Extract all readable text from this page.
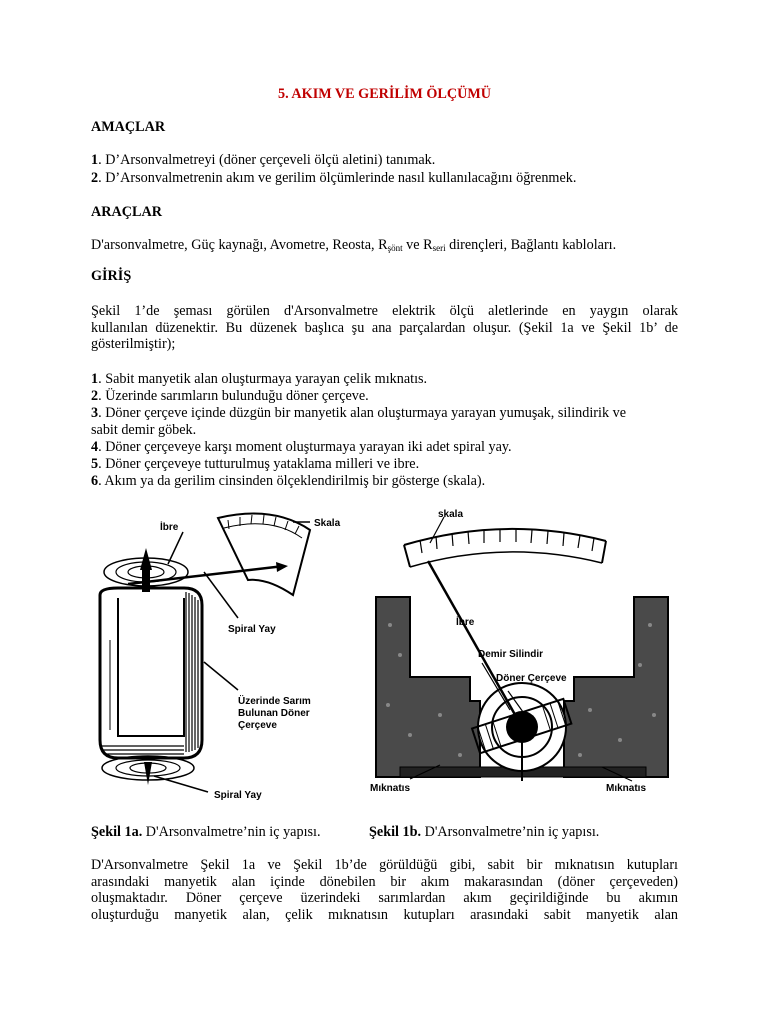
5. AKIM VE GERİLİM ÖLÇÜMÜ
AMAÇLAR
1. D’Arsonvalmetreyi (döner çerçeveli ölçü aletini) tanımak.
2. D’Arsonvalmetrenin akım ve gerilim ölçümlerinde nasıl kullanılacağını öğrenmek.
ARAÇLAR
D'arsonvalmetre, Güç kaynağı, Avometre, Reosta, $R_{şönt}$ ve $R_{seri}$ dirençleri, Bağlantı kabloları.
GİRİŞ
Şekil 1’de şeması görülen d'Arsonvalmetre elektrik ölçü aletlerinde en yaygın olarak
kullanılan düzenektir. Bu düzenek başlıca şu ana parçalardan oluşur. (Şekil 1a ve Şekil 1b’ de
gösterilmiştir);
1. Sabit manyetik alan oluşturmaya yarayan çelik mıknatıs.
2. Üzerinde sarımların bulunduğu döner çerçeve.
3. Döner çerçeve içinde düzgün bir manyetik alan oluşturmaya yarayan yumuşak, silindirik ve
sabit demir göbek.
4. Döner çerçeveye karşı moment oluşturmaya yarayan iki adet spiral yay.
5. Döner çerçeveye tutturulmuş yataklama milleri ve ibre.
6. Akım ya da gerilim cinsinden ölçeklendirilmiş bir gösterge (skala).
Şekil 1a. D'Arsonvalmetre’nin iç yapısı.	Şekil 1b. D'Arsonvalmetre’nin iç yapısı.
D'Arsonvalmetre Şekil 1a ve Şekil 1b’de görüldüğü gibi, sabit bir mıknatısın kutupları
arasındaki manyetik alan içinde dönebilen bir akım makarasından (döner çerçeveden)
oluşmaktadır. Döner çerçeve üzerindeki sarımlardan akım geçirildiğinde bu akımın
oluşturduğu manyetik alan, çelik mıknatısın kutupları arasındaki sabit manyetik alan
İbre	Skala
Spiral Yay
Üzerinde Sarım
Bulunan Döner
Çerçeve
Spiral Yay
skala
İbre
Demir Silindir
Döner Çerçeve
Mıknatıs	Mıknatıs
